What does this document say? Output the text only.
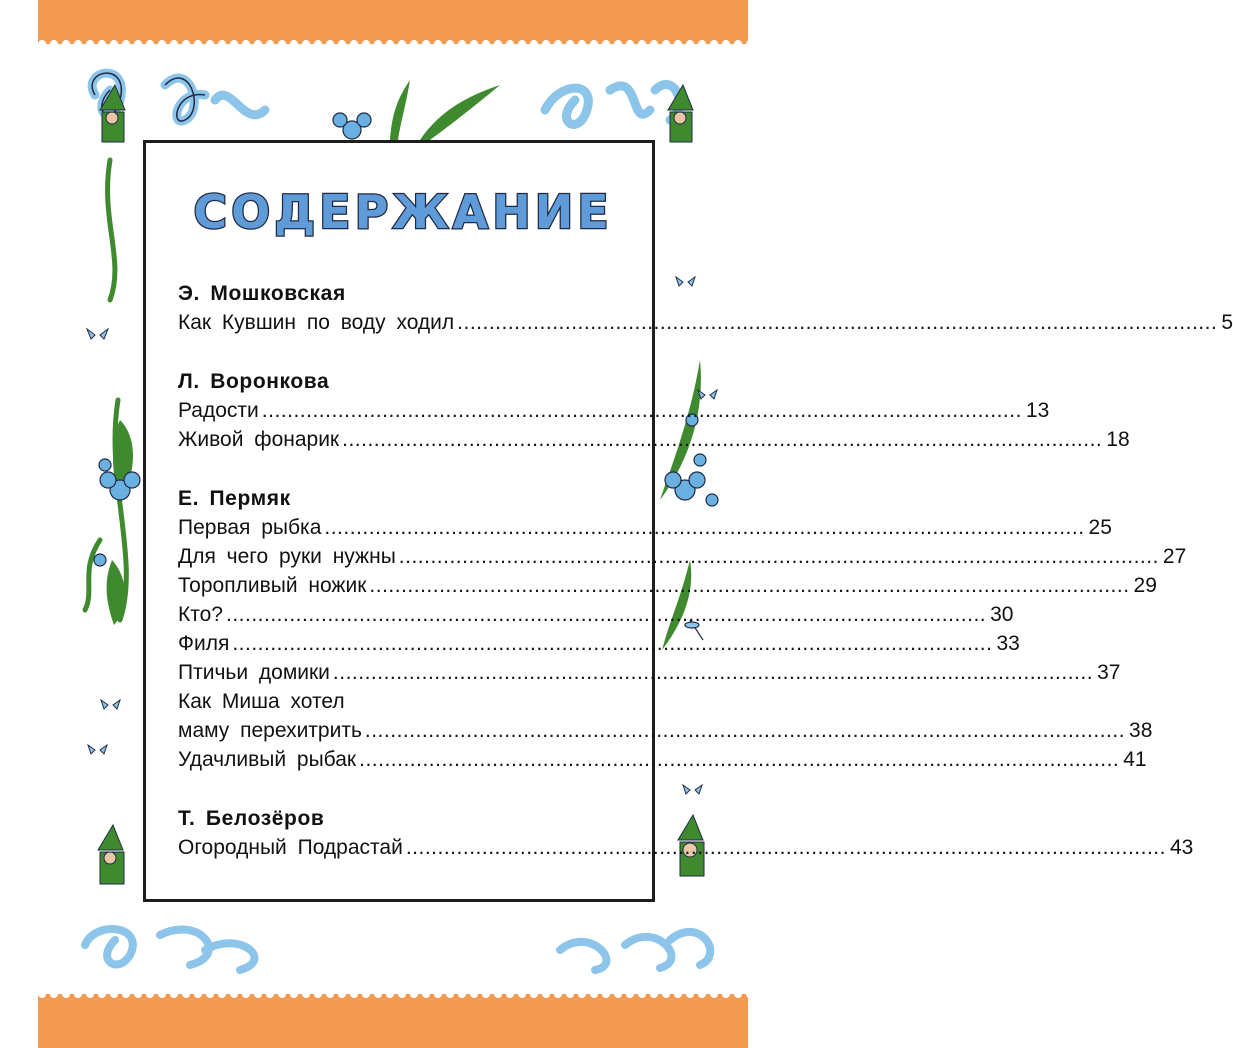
СОДЕРЖАНИЕ
Э. Мошковская
Как Кувшин по воду ходил ........................................................................................................................ 5
Л. Воронкова
Радости ........................................................................................................................ 13
Живой фонарик ........................................................................................................................ 18
Е. Пермяк
Первая рыбка ........................................................................................................................ 25
Для чего руки нужны ........................................................................................................................ 27
Торопливый ножик ........................................................................................................................ 29
Кто? ........................................................................................................................ 30
Филя ........................................................................................................................ 33
Птичьи домики ........................................................................................................................ 37
Как Миша хотел
маму перехитрить ........................................................................................................................ 38
Удачливый рыбак ........................................................................................................................ 41
Т. Белозёров
Огородный Подрастай ........................................................................................................................ 43
